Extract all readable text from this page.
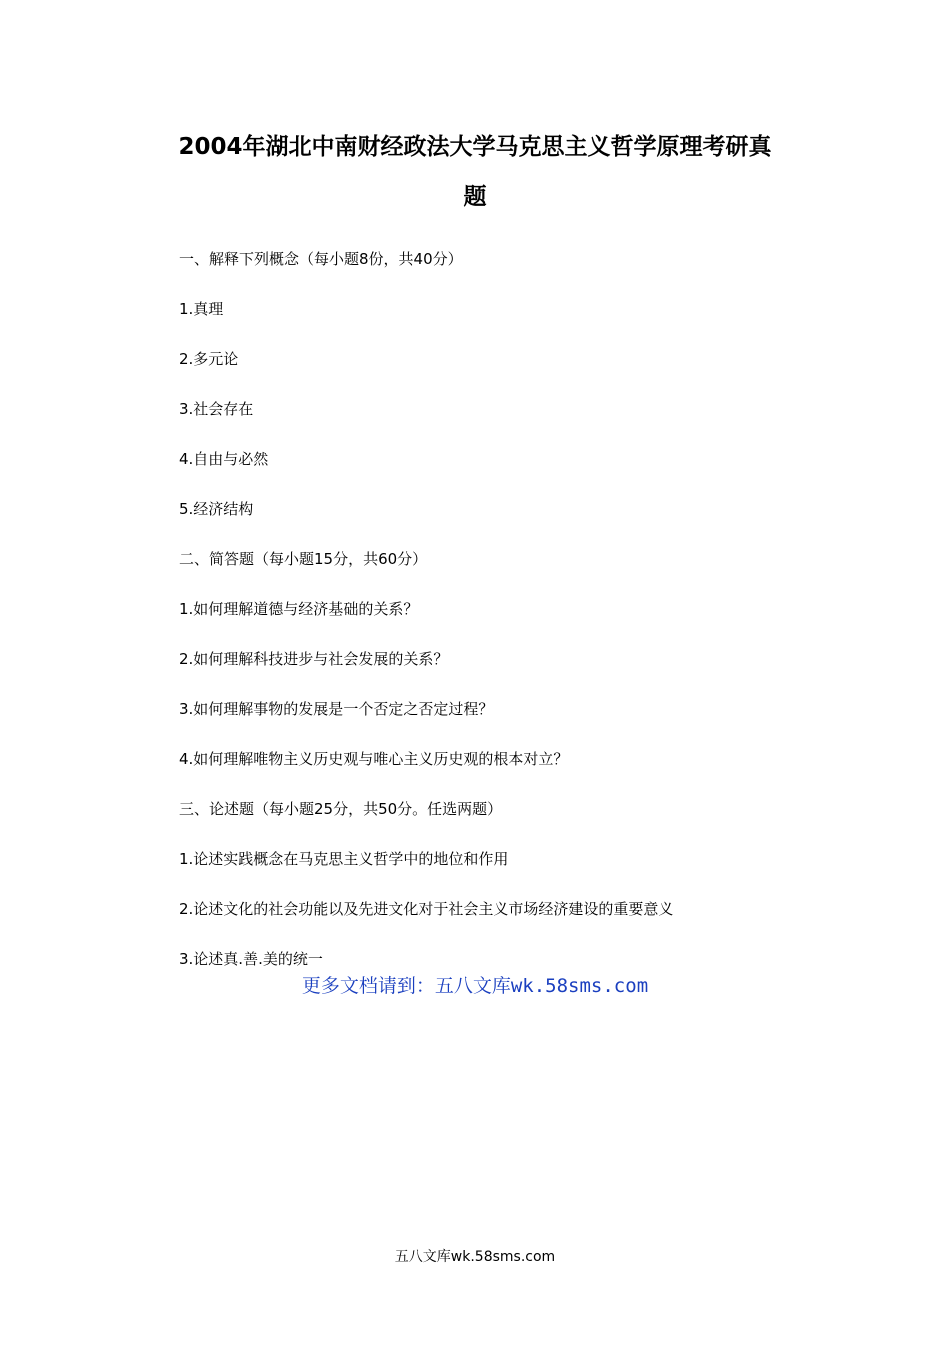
2004年湖北中南财经政法大学马克思主义哲学原理考研真
题
一、解释下列概念（每小题8份，共40分）
1.真理
2.多元论
3.社会存在
4.自由与必然
5.经济结构
二、简答题（每小题15分，共60分）
1.如何理解道德与经济基础的关系？
2.如何理解科技进步与社会发展的关系？
3.如何理解事物的发展是一个否定之否定过程？
4.如何理解唯物主义历史观与唯心主义历史观的根本对立？
三、论述题（每小题25分，共50分。任选两题）
1.论述实践概念在马克思主义哲学中的地位和作用
2.论述文化的社会功能以及先进文化对于社会主义市场经济建设的重要意义
3.论述真.善.美的统一
更多文档请到：五八文库wk.58sms.com
五八文库wk.58sms.com
